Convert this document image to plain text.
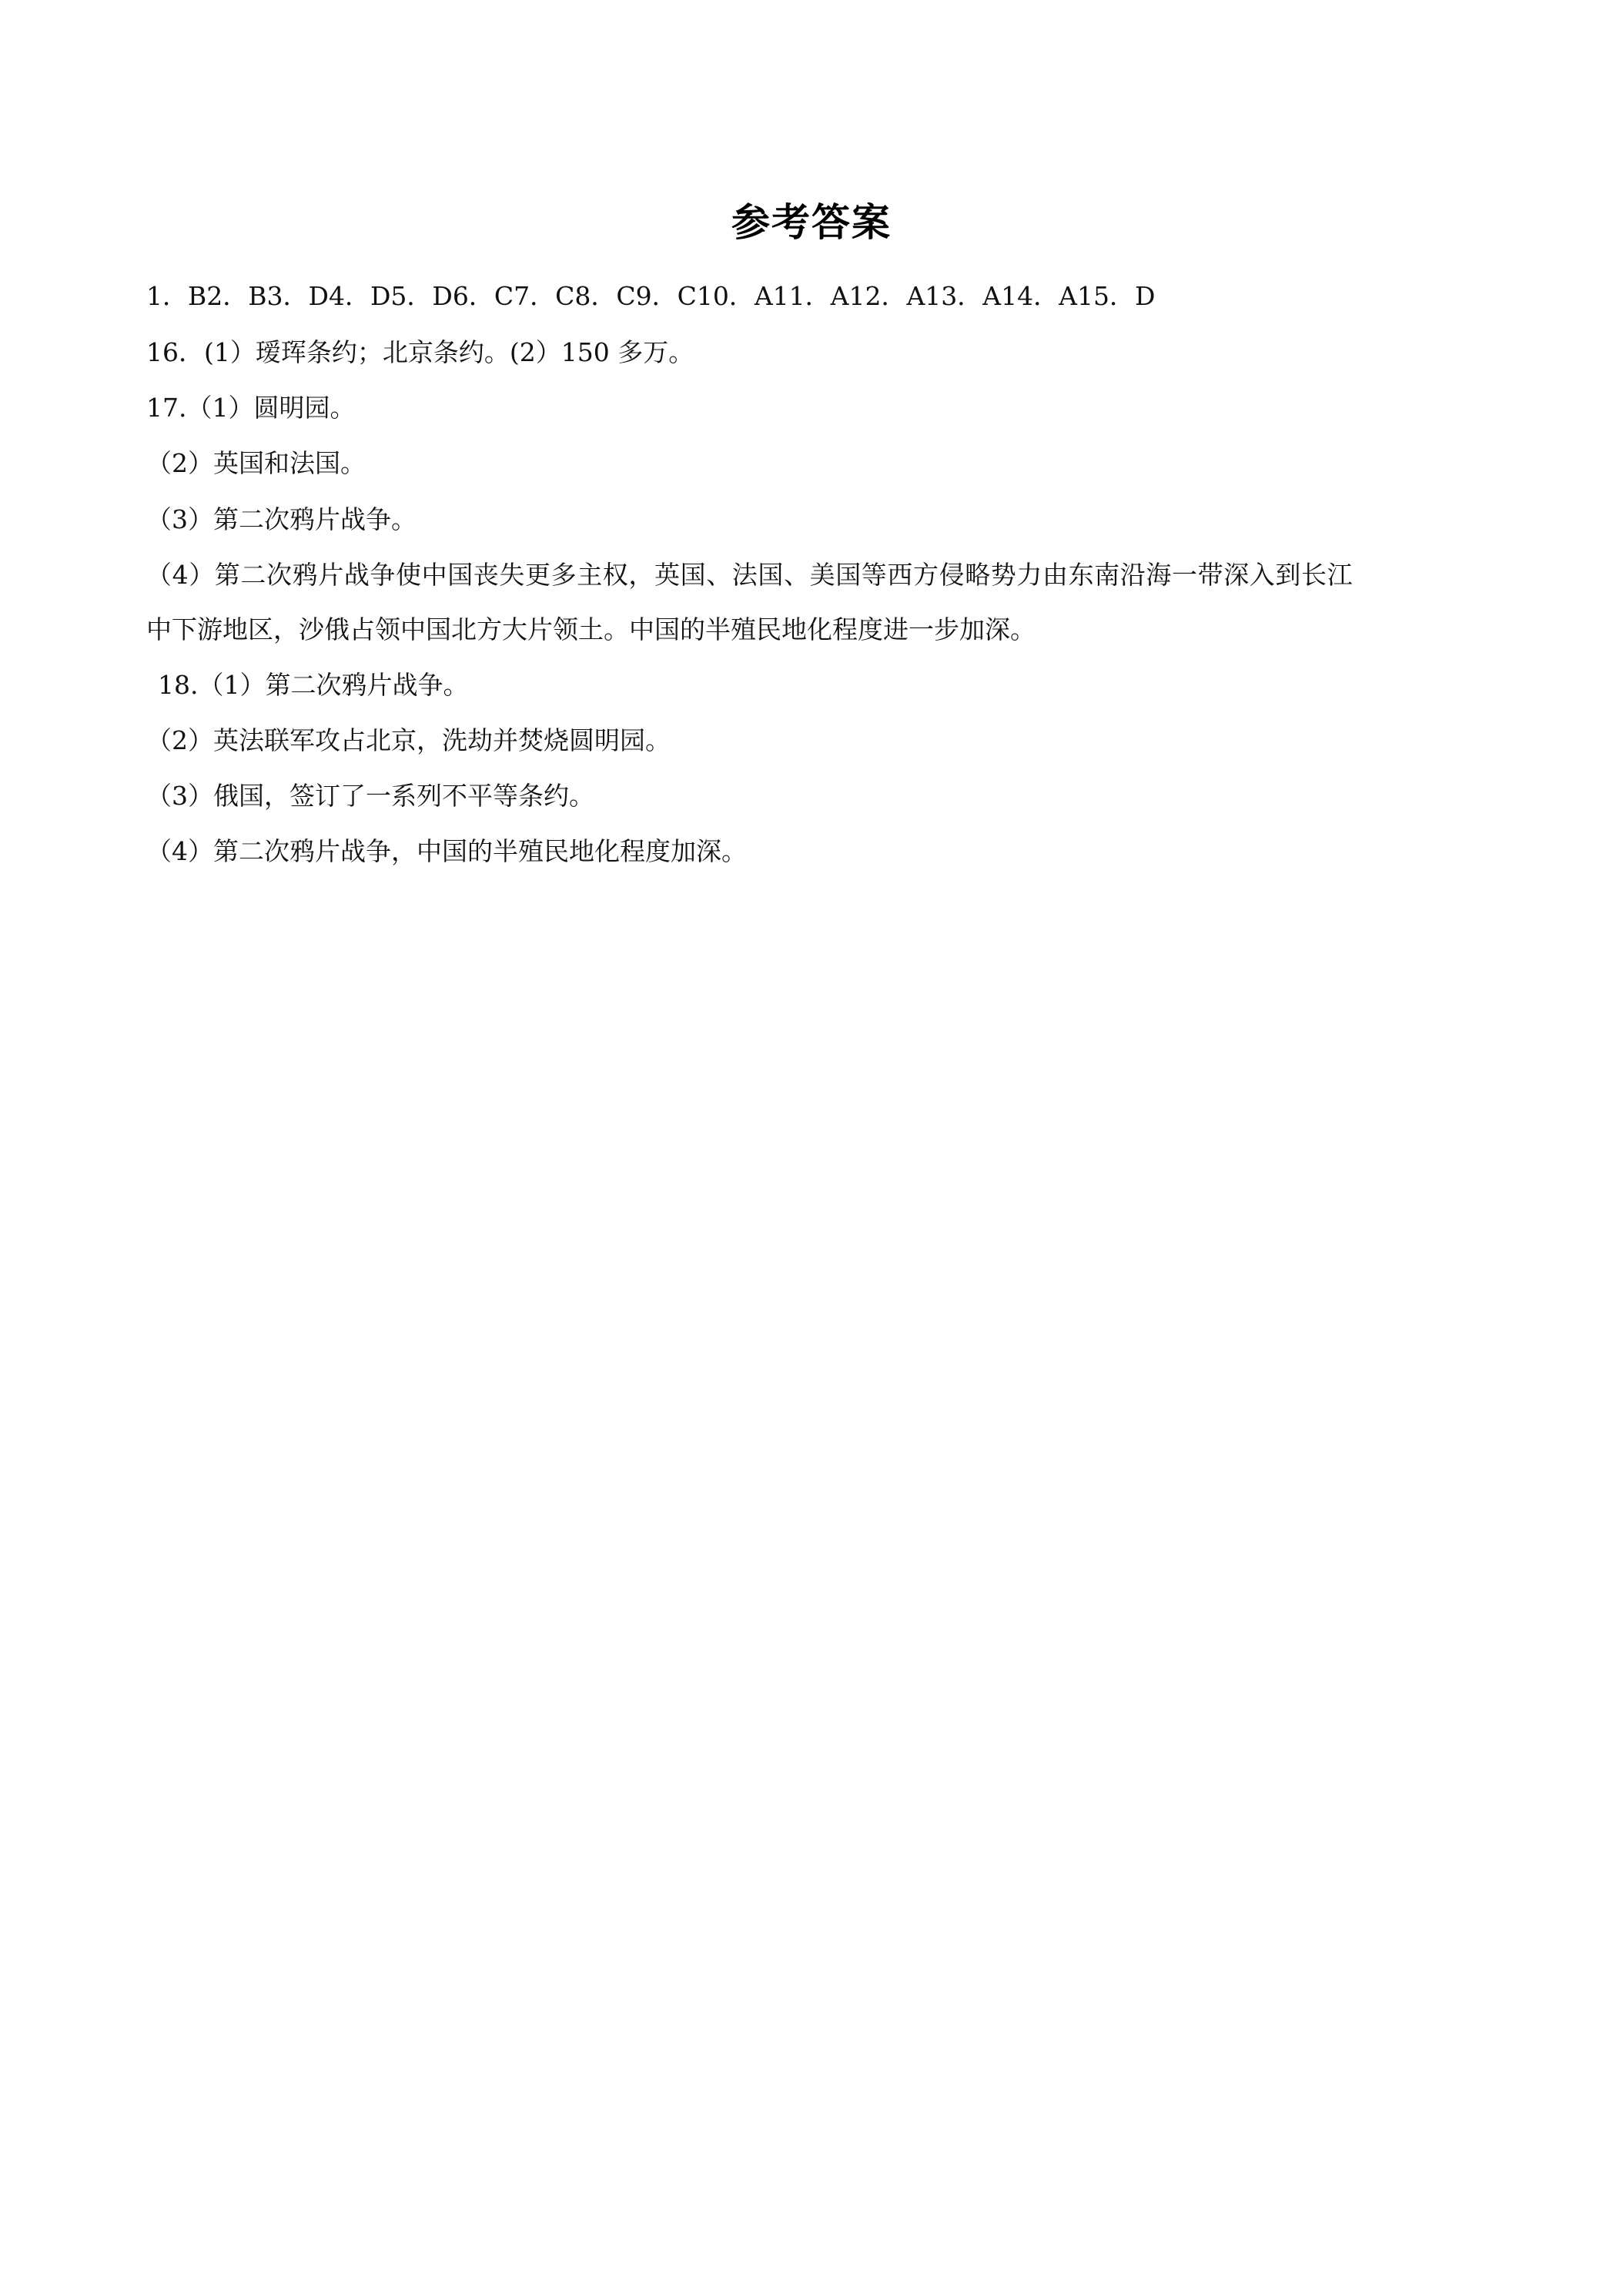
参考答案
1．B2．B3．D4．D5．D6．C7．C8．C9．C10．A11．A12．A13．A14．A15．D
16．(1）瑷珲条约；北京条约。(2）150 多万。
17.（1）圆明园。
（2）英国和法国。
（3）第二次鸦片战争。
（4）第二次鸦片战争使中国丧失更多主权，英国、法国、美国等西方侵略势力由东南沿海一带深入到长江
中下游地区，沙俄占领中国北方大片领土。中国的半殖民地化程度进一步加深。
18.（1）第二次鸦片战争。
（2）英法联军攻占北京，洗劫并焚烧圆明园。
（3）俄国，签订了一系列不平等条约。
（4）第二次鸦片战争，中国的半殖民地化程度加深。
